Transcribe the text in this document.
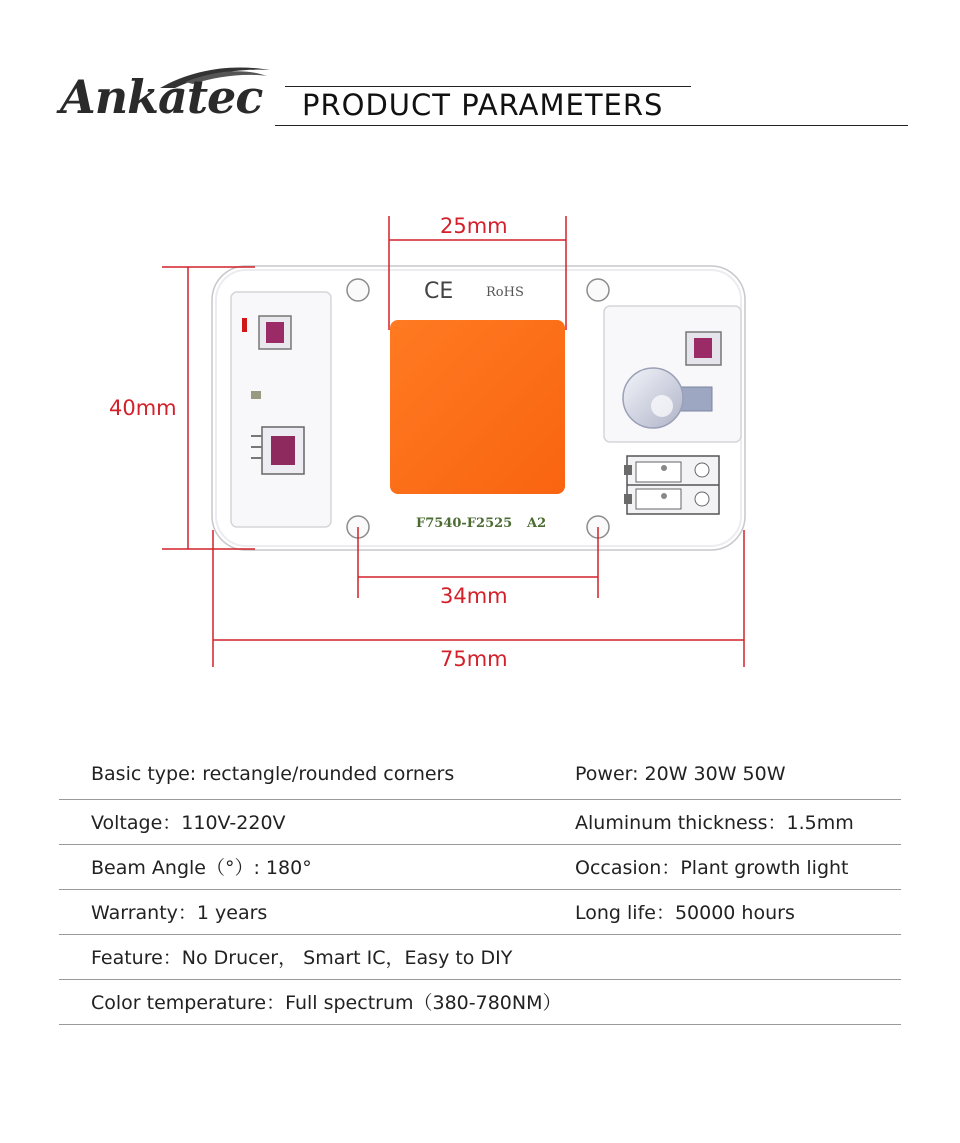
Ankatec PRODUCT PARAMETERS
CE	RoHS
F7540-F2525 A2
25mm
40mm
34mm
75mm
Basic type: rectangle/rounded corners	Power: 20W 30W 50W
Voltage：110V-220V	Aluminum thickness：1.5mm
Beam Angle（°）: 180°	Occasion：Plant growth light
Warranty：1 years	Long life：50000 hours
Feature：No Drucer， Smart IC，Easy to DIY
Color temperature：Full spectrum（380-780NM）
